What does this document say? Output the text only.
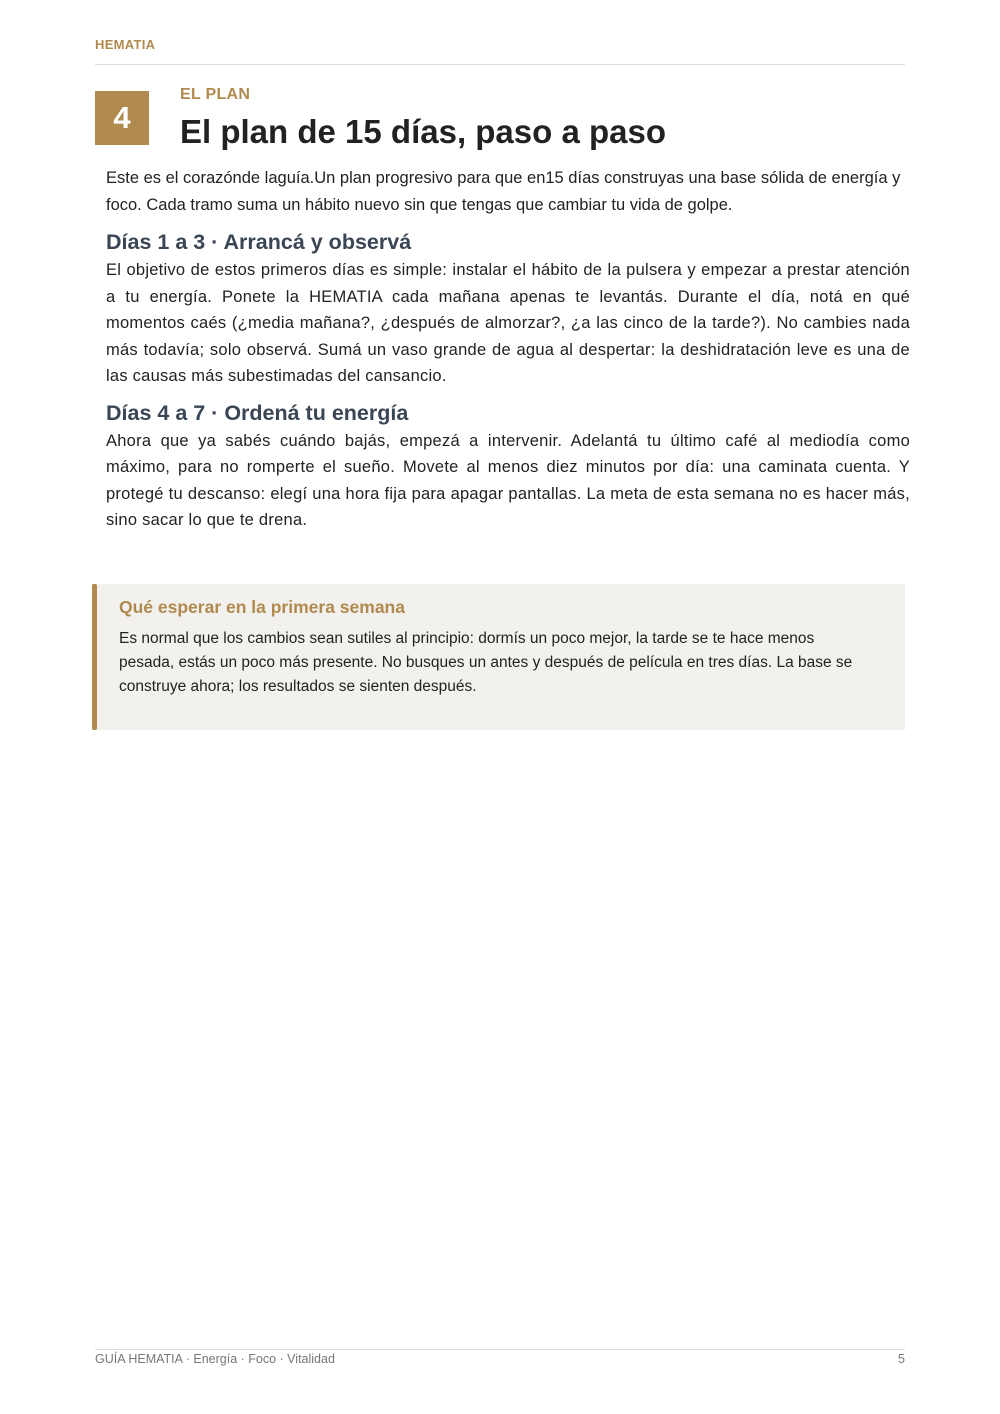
HEMATIA
4
EL PLAN
El plan de 15 días, paso a paso

Este es el corazónde laguía.Un plan progresivo para que en15 días construyas una base sólida de energía y foco. Cada tramo suma un hábito nuevo sin que tengas que cambiar tu vida de golpe.

Días 1 a 3 · Arrancá y observá

El objetivo de estos primeros días es simple: instalar el hábito de la pulsera y empezar a prestar atención a tu energía. Ponete la HEMATIA cada mañana apenas te levantás. Durante el día, notá en qué momentos caés (¿media mañana?, ¿después de almorzar?, ¿a las cinco de la tarde?). No cambies nada más todavía; solo observá. Sumá un vaso grande de agua al despertar: la deshidratación leve es una de las causas más subestimadas del cansancio.

Días 4 a 7 · Ordená tu energía

Ahora que ya sabés cuándo bajás, empezá a intervenir. Adelantá tu último café al mediodía como máximo, para no romperte el sueño. Movete al menos diez minutos por día: una caminata cuenta. Y protegé tu descanso: elegí una hora fija para apagar pantallas. La meta de esta semana no es hacer más, sino sacar lo que te drena.

Qué esperar en la primera semana

Es normal que los cambios sean sutiles al principio: dormís un poco mejor, la tarde se te hace menos pesada, estás un poco más presente. No busques un antes y después de película en tres días. La base se construye ahora; los resultados se sienten después.

GUÍA HEMATIA · Energía · Foco · Vitalidad	5
